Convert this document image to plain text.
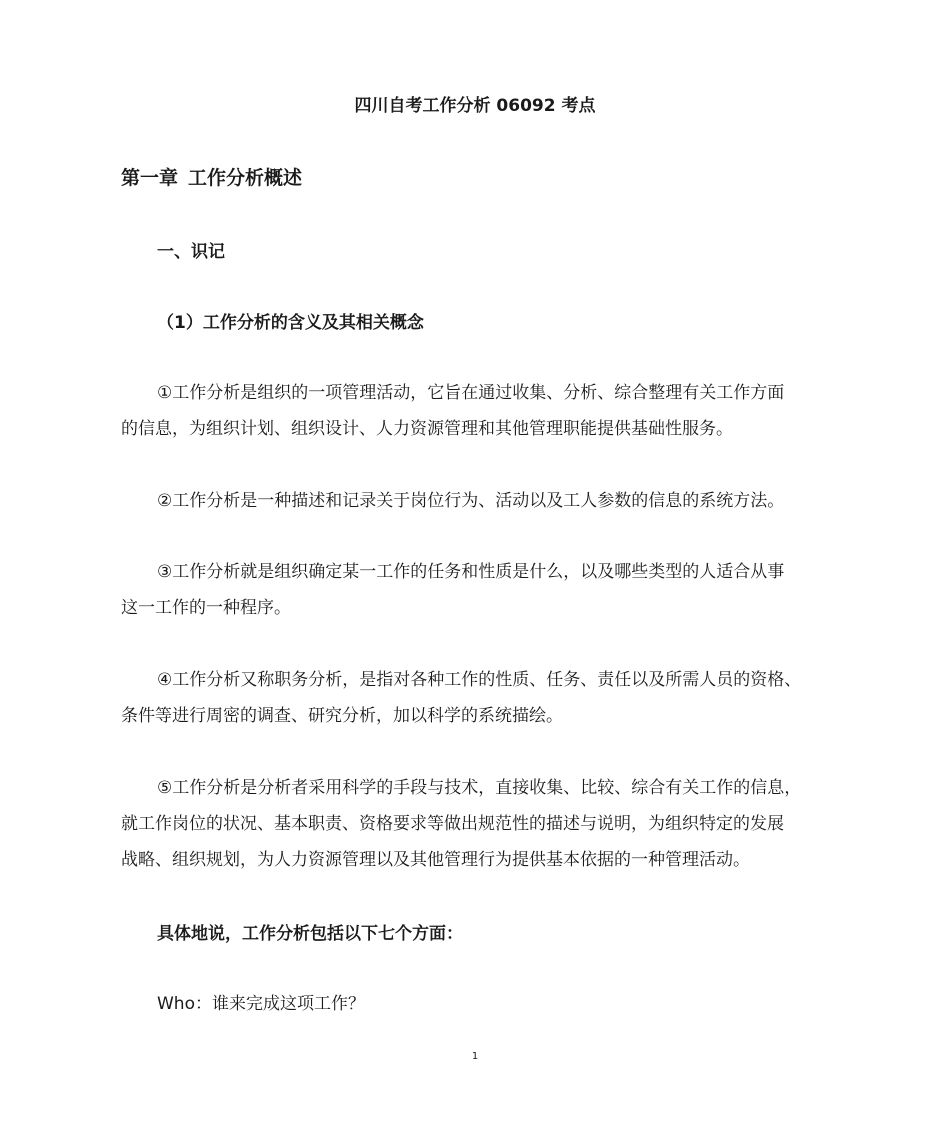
四川自考工作分析 06092 考点
第一章 工作分析概述
一、识记
（1）工作分析的含义及其相关概念
①工作分析是组织的一项管理活动，它旨在通过收集、分析、综合整理有关工作方面
的信息，为组织计划、组织设计、人力资源管理和其他管理职能提供基础性服务。
②工作分析是一种描述和记录关于岗位行为、活动以及工人参数的信息的系统方法。
③工作分析就是组织确定某一工作的任务和性质是什么，以及哪些类型的人适合从事
这一工作的一种程序。
④工作分析又称职务分析，是指对各种工作的性质、任务、责任以及所需人员的资格、
条件等进行周密的调查、研究分析，加以科学的系统描绘。
⑤工作分析是分析者采用科学的手段与技术，直接收集、比较、综合有关工作的信息，
就工作岗位的状况、基本职责、资格要求等做出规范性的描述与说明，为组织特定的发展
战略、组织规划，为人力资源管理以及其他管理行为提供基本依据的一种管理活动。
具体地说，工作分析包括以下七个方面：
Who：谁来完成这项工作？
1
